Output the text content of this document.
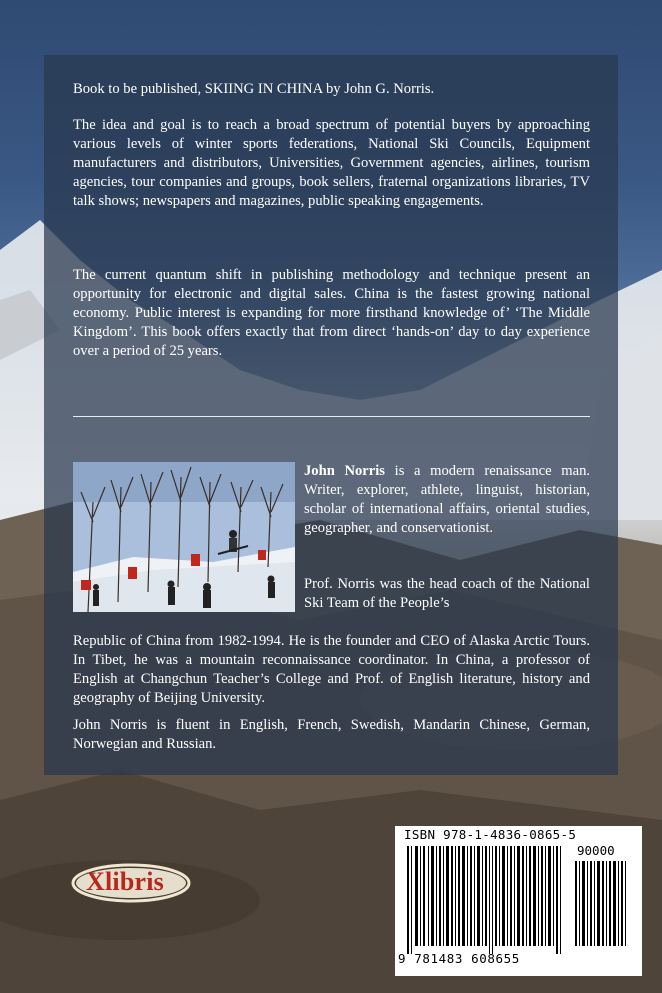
Book to be published, SKIING IN CHINA by John G. Norris.
The idea and goal is to reach a broad spectrum of potential buyers by approaching various levels of winter sports federations, National Ski Councils, Equipment manufacturers and distributors, Universities, Government agencies, airlines, tourism agencies, tour companies and groups, book sellers, fraternal organizations libraries, TV talk shows; newspapers and magazines, public speaking engagements.
The current quantum shift in publishing methodology and technique present an opportunity for electronic and digital sales. China is the fastest growing national economy. Public interest is expanding for more firsthand knowledge of’ ‘The Middle Kingdom’. This book offers exactly that from direct ‘hands-on’ day to day experience over a period of 25 years.
John Norris is a modern renaissance man. Writer, explorer, athlete, linguist, historian, scholar of international affairs, oriental studies, geographer, and conservationist.
Prof. Norris was the head coach of the National Ski Team of the People’s
Republic of China from 1982-1994. He is the founder and CEO of Alaska Arctic Tours. In Tibet, he was a mountain reconnaissance coordinator. In China, a professor of English at Changchun Teacher’s College and Prof. of English literature, history and geography of Beijing University.
John Norris is fluent in English, French, Swedish, Mandarin Chinese, German, Norwegian and Russian.
ISBN 978-1-4836-0865-5
90000
9 781483 608655
Xlibris
